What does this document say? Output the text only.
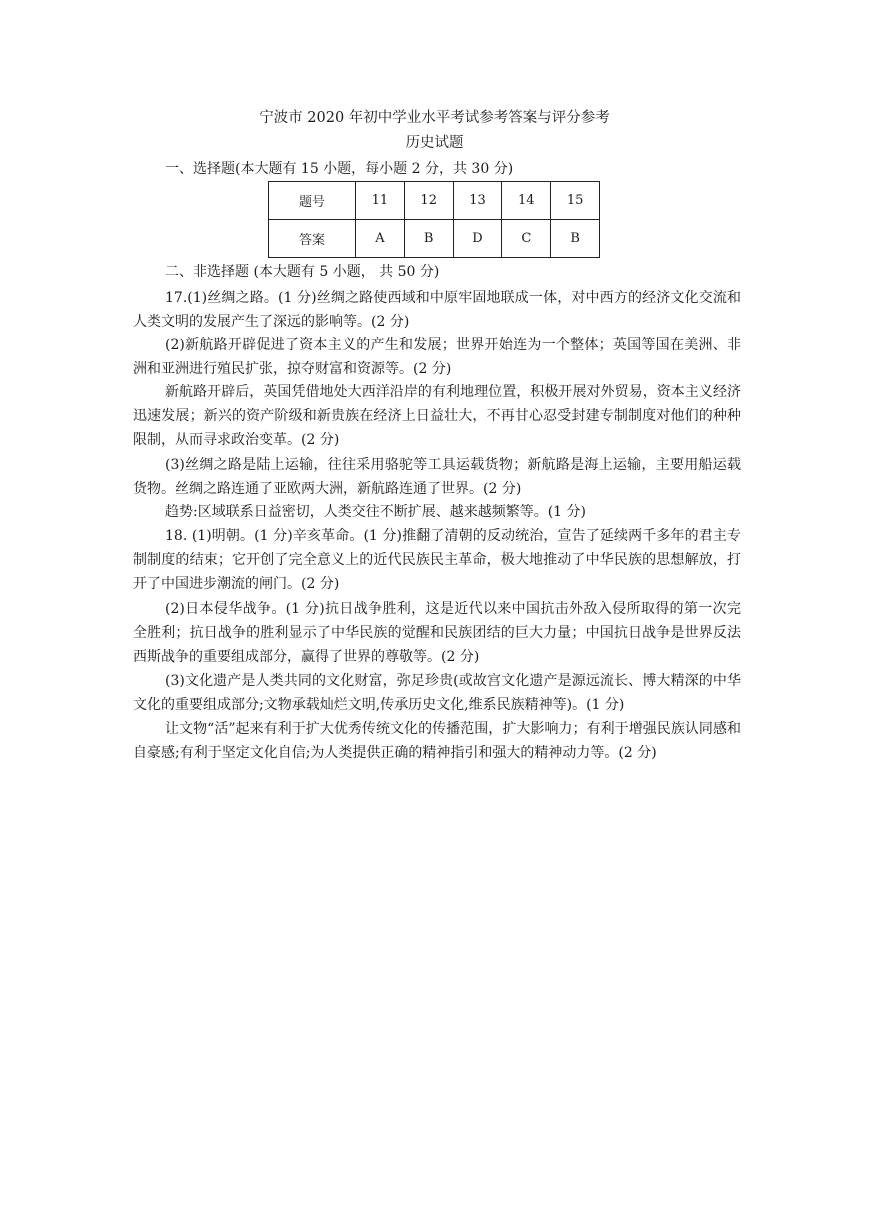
宁波市 2020 年初中学业水平考试参考答案与评分参考
历史试题
一、选择题(本大题有 15 小题，每小题 2 分，共 30 分)
题号	11	12	13	14	15
答案	A	B	D	C	B
二、非选择题 (本大题有 5 小题， 共 50 分)

17.(1)丝绸之路。(1 分)丝绸之路使西域和中原牢固地联成一体，对中西方的经济文化交流和人类文明的发展产生了深远的影响等。(2 分)

(2)新航路开辟促进了资本主义的产生和发展；世界开始连为一个整体；英国等国在美洲、非洲和亚洲进行殖民扩张，掠夺财富和资源等。(2 分)

新航路开辟后，英国凭借地处大西洋沿岸的有利地理位置，积极开展对外贸易，资本主义经济迅速发展；新兴的资产阶级和新贵族在经济上日益壮大，不再甘心忍受封建专制制度对他们的种种限制，从而寻求政治变革。(2 分)

(3)丝绸之路是陆上运输，往往采用骆驼等工具运载货物；新航路是海上运输，主要用船运载货物。丝绸之路连通了亚欧两大洲，新航路连通了世界。(2 分)

趋势:区域联系日益密切，人类交往不断扩展、越来越频繁等。(1 分)

18. (1)明朝。(1 分)辛亥革命。(1 分)推翻了清朝的反动统治，宣告了延续两千多年的君主专制制度的结束；它开创了完全意义上的近代民族民主革命，极大地推动了中华民族的思想解放，打开了中国进步潮流的闸门。(2 分)

(2)日本侵华战争。(1 分)抗日战争胜利，这是近代以来中国抗击外敌入侵所取得的第一次完全胜利；抗日战争的胜利显示了中华民族的觉醒和民族团结的巨大力量；中国抗日战争是世界反法西斯战争的重要组成部分，赢得了世界的尊敬等。(2 分)

(3)文化遗产是人类共同的文化财富，弥足珍贵(或故宫文化遗产是源远流长、博大精深的中华文化的重要组成部分;文物承载灿烂文明,传承历史文化,维系民族精神等)。(1 分)

让文物“活”起来有利于扩大优秀传统文化的传播范围，扩大影响力；有利于增强民族认同感和自豪感;有利于坚定文化自信;为人类提供正确的精神指引和强大的精神动力等。(2 分)
